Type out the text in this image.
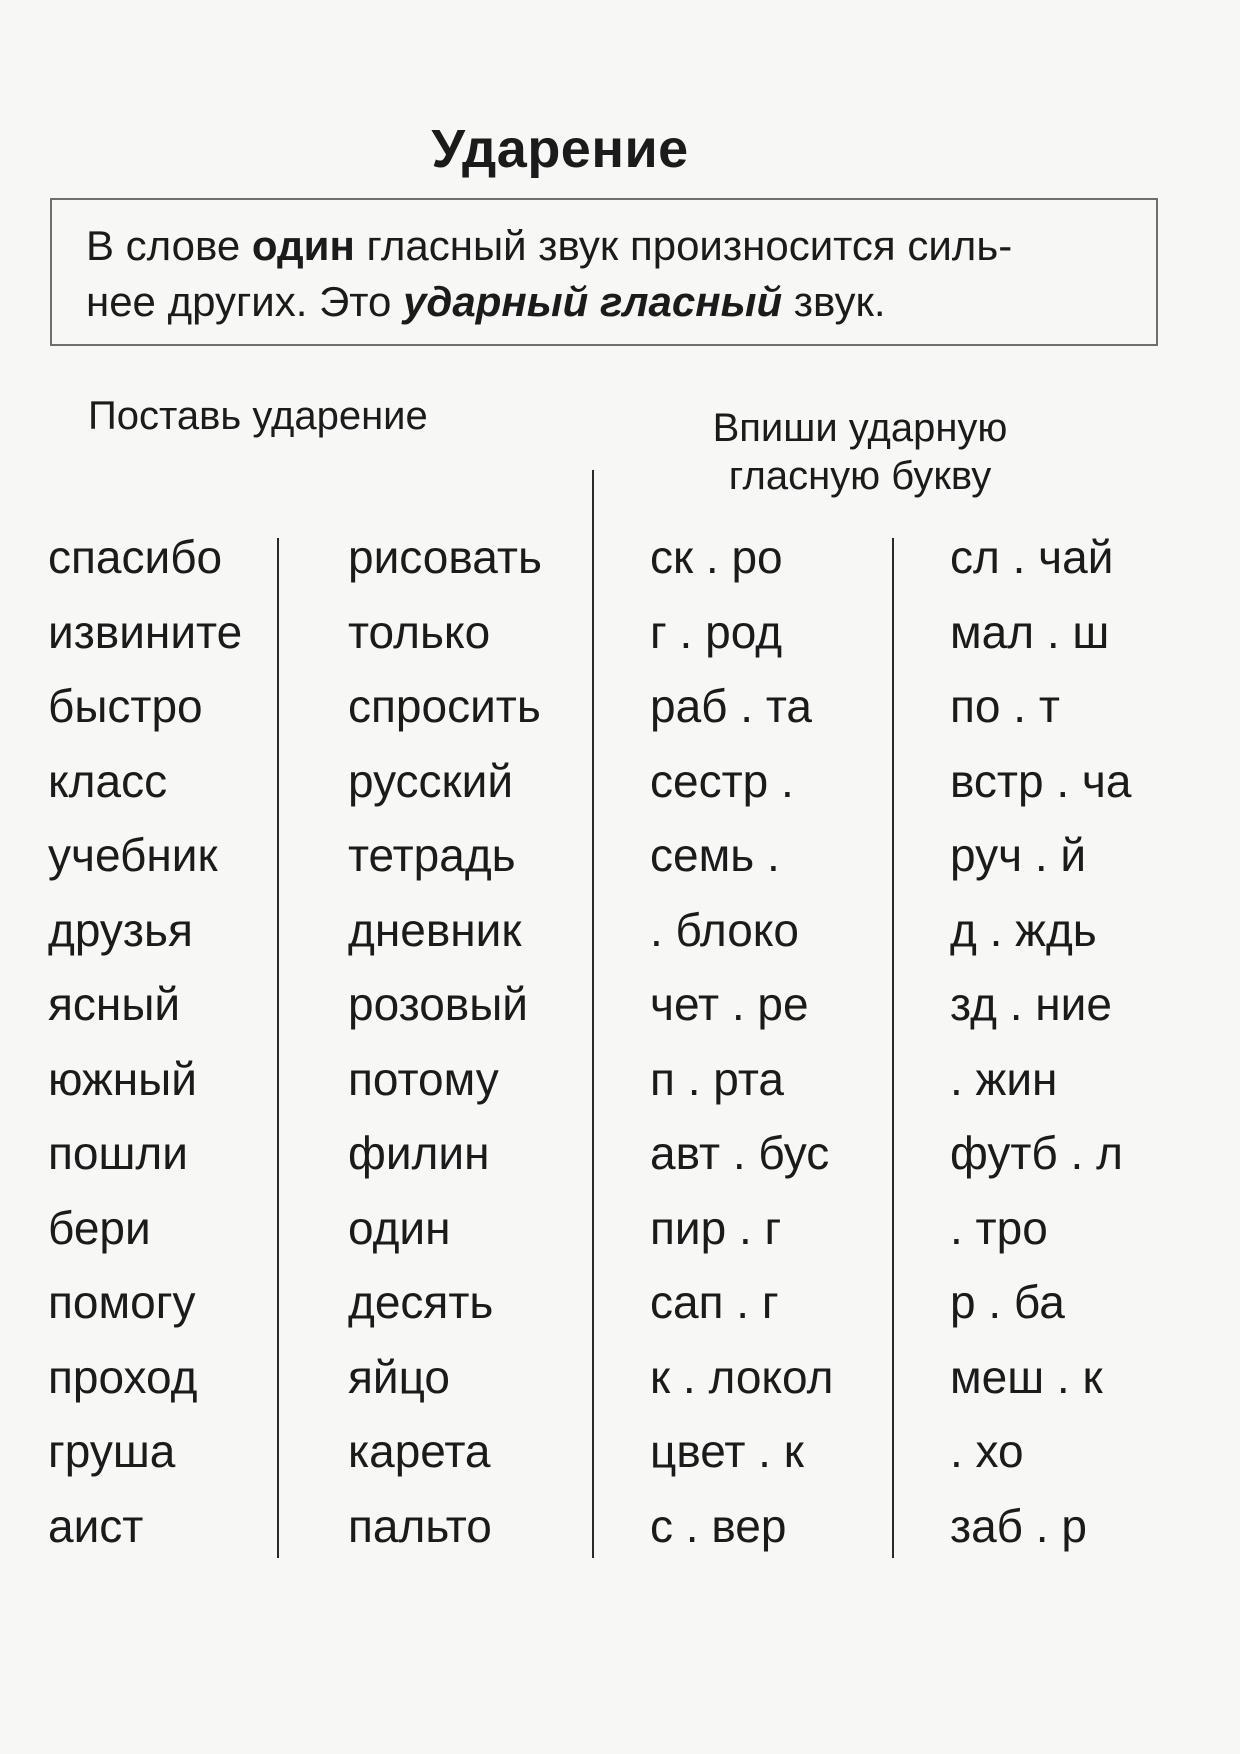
Ударение
В слове один гласный звук произносится силь-
нее других. Это ударный гласный звук.
Поставь ударение	Впиши ударную
гласную букву
спасибо
извините
быстро
класс
учебник
друзья
ясный
южный
пошли
бери
помогу
проход
груша
аист
рисовать
только
спросить
русский
тетрадь
дневник
розовый
потому
филин
один
десять
яйцо
карета
пальто
ск . ро
г . род
раб . та
сестр .
семь .
. блоко
чет . ре
п . рта
авт . бус
пир . г
сап . г
к . локол
цвет . к
с . вер
сл . чай
мал . ш
по . т
встр . ча
руч . й
д . ждь
зд . ние
. жин
футб . л
. тро
р . ба
меш . к
. хо
заб . р
